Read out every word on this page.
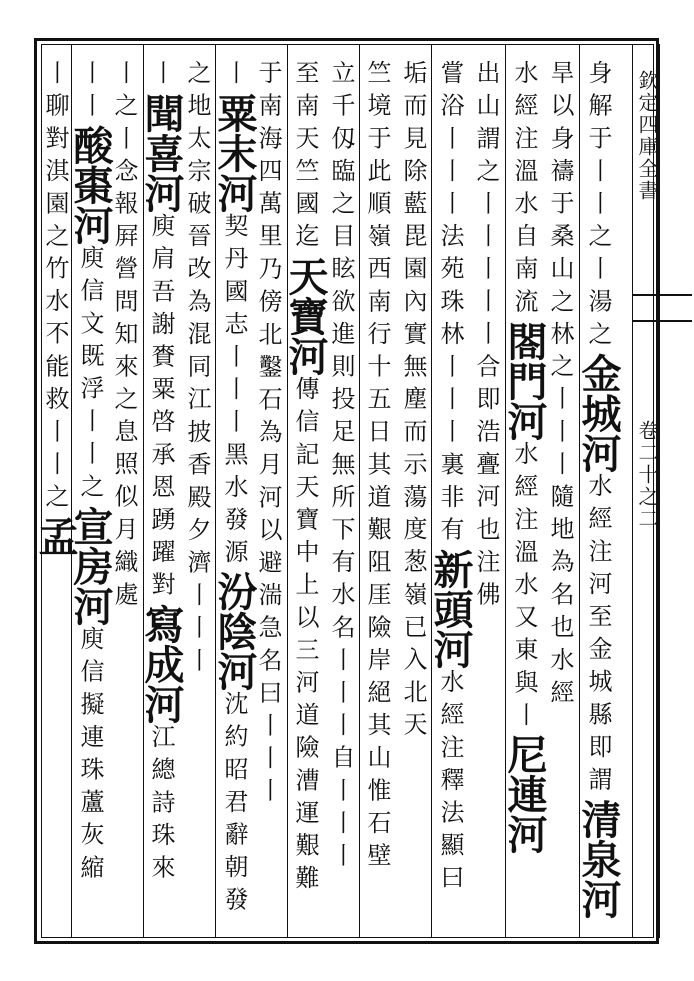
欽定四庫全書
卷二十之二
身解于丨丨之丨湯之
金城河
水經注河至金城縣即謂
清泉河
旱以身禱于桑山之林
之丨丨丨隨地為名也
水經
水經注溫水自南流
閤門河
水經注溫水又東與丨
尼連河
出山謂之丨丨丨
丨丨合即浩亹河也
注佛
嘗浴丨丨丨法苑珠林丨丨丨裏非有
新頭河
水經注釋法顯曰
垢而見除藍毘園內實無塵而示蕩
度葱嶺已入北天
竺境于此順嶺西南行十五日其道艱阻厓險岸絕其山惟石壁
立千仭臨之目眩欲進則投足無所下有水名丨丨丨自丨丨丨
至南天竺國迄
天寶河
傳信記天寶中上以三河道險漕運艱難
于南海四萬里
乃傍北鑿石為月河以避湍急名曰丨丨丨
丨
粟末河
契丹國志丨丨丨黑水發源
汾陰河
沈約昭君辭朝發
之地太宗破晉改為混同江
披香殿夕濟丨丨丨
丨
聞喜河
庾肩吾謝賚粟啓承恩踴躍對
寫成河
江總詩珠來
丨之丨念報屛營問知來之息
照似月織處
丨丨
酸棗河
庾信文既浮丨丨之
宣房河
庾信擬連珠蘆灰縮
丨聊對淇園之竹
水不能救丨丨之
孟
